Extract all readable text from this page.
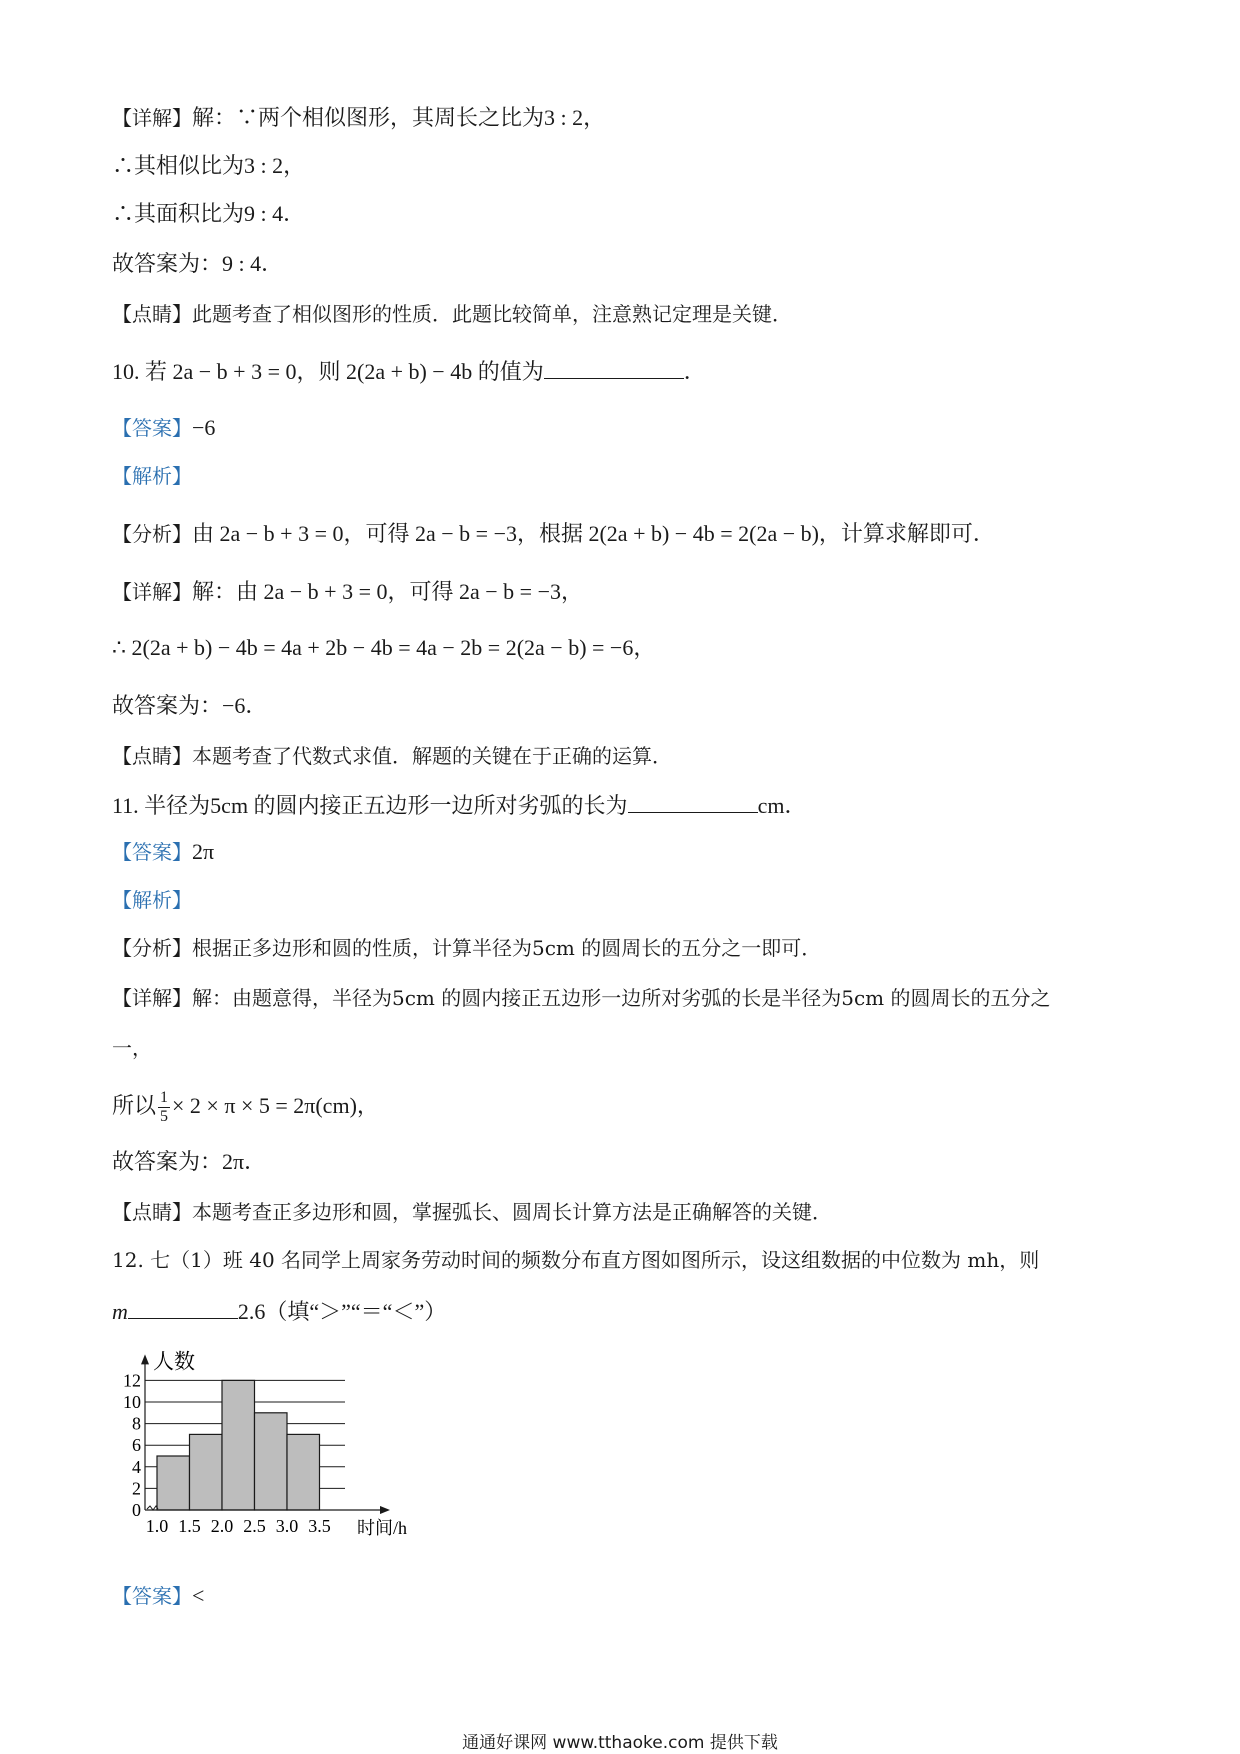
【详解】解：∵两个相似图形，其周长之比为3 : 2，
∴其相似比为3 : 2，
∴其面积比为9 : 4．
故答案为：9 : 4．
【点睛】此题考查了相似图形的性质．此题比较简单，注意熟记定理是关键．
10. 若 2a − b + 3 = 0，则 2(2a + b) − 4b 的值为	．
【答案】−6
【解析】
【分析】由 2a − b + 3 = 0，可得 2a − b = −3，根据 2(2a + b) − 4b = 2(2a − b)，计算求解即可．
【详解】解：由 2a − b + 3 = 0，可得 2a − b = −3，
∴ 2(2a + b) − 4b = 4a + 2b − 4b = 4a − 2b = 2(2a − b) = −6，
故答案为：−6．
【点睛】本题考查了代数式求值．解题的关键在于正确的运算．
11. 半径为5cm 的圆内接正五边形一边所对劣弧的长为	cm．
【答案】2π
【解析】
【分析】根据正多边形和圆的性质，计算半径为5cm 的圆周长的五分之一即可．
【详解】解：由题意得，半径为5cm 的圆内接正五边形一边所对劣弧的长是半径为5cm 的圆周长的五分之
一，
所以 $\frac{1}{5} \times 2 \times \pi \times 5 = 2\pi(cm)$，
故答案为：2π．
【点睛】本题考查正多边形和圆，掌握弧长、圆周长计算方法是正确解答的关键．
12. 七（1）班 40 名同学上周家务劳动时间的频数分布直方图如图所示，设这组数据的中位数为 mh，则
m	2.6（填“＞”“＝“＜”）
0
2
4
6
8
10
12
1.0 1.5 2.0 2.5 3.0 3.5
人数
时间/h
【答案】<
通通好课网 www.tthaoke.com 提供下载
